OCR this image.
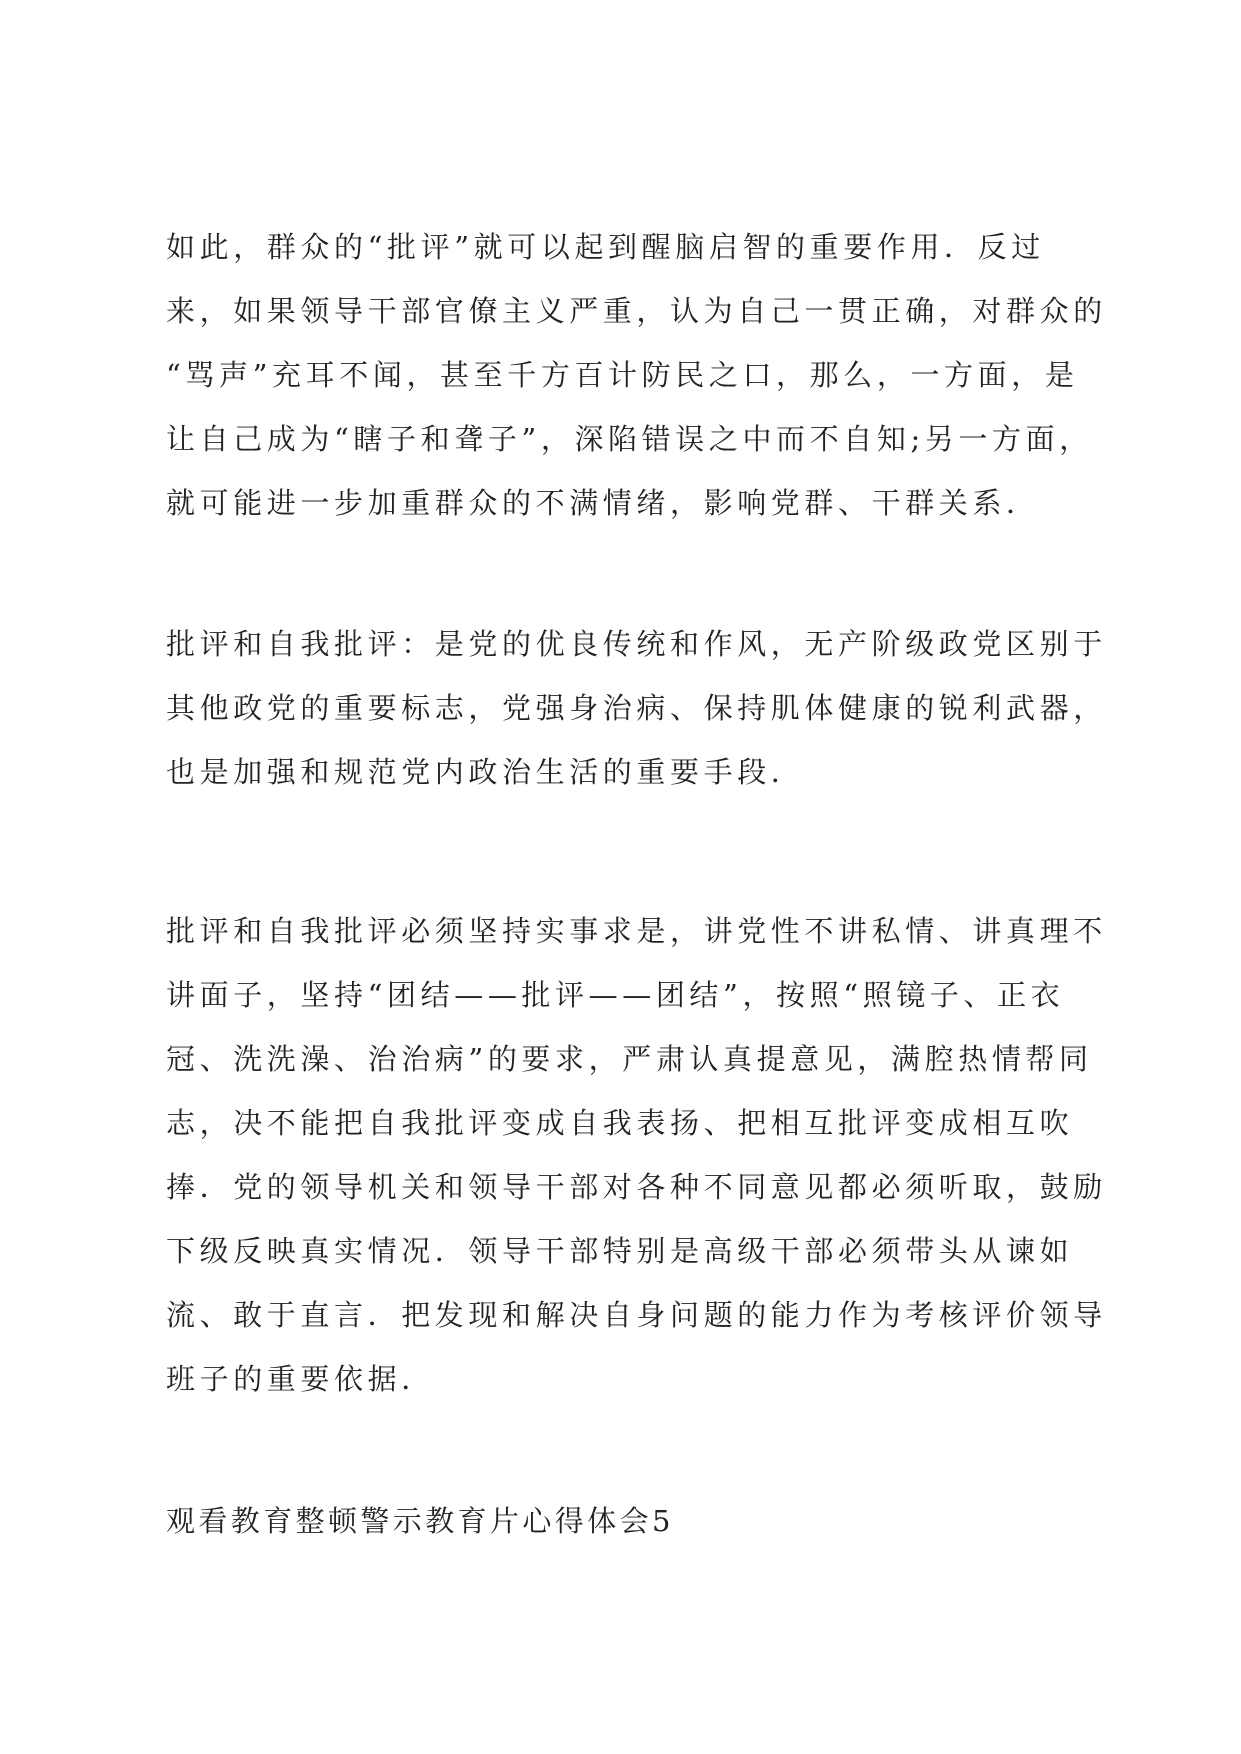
如此，群众的“批评”就可以起到醒脑启智的重要作用．反过
来，如果领导干部官僚主义严重，认为自己一贯正确，对群众的
“骂声”充耳不闻，甚至千方百计防民之口，那么，一方面，是
让自己成为“瞎子和聋子”，深陷错误之中而不自知;另一方面，
就可能进一步加重群众的不满情绪，影响党群、干群关系．
批评和自我批评：是党的优良传统和作风，无产阶级政党区别于
其他政党的重要标志，党强身治病、保持肌体健康的锐利武器，
也是加强和规范党内政治生活的重要手段．
批评和自我批评必须坚持实事求是，讲党性不讲私情、讲真理不
讲面子，坚持“团结——批评——团结”，按照“照镜子、正衣
冠、洗洗澡、治治病”的要求，严肃认真提意见，满腔热情帮同
志，决不能把自我批评变成自我表扬、把相互批评变成相互吹
捧．党的领导机关和领导干部对各种不同意见都必须听取，鼓励
下级反映真实情况．领导干部特别是高级干部必须带头从谏如
流、敢于直言．把发现和解决自身问题的能力作为考核评价领导
班子的重要依据．
观看教育整顿警示教育片心得体会5
